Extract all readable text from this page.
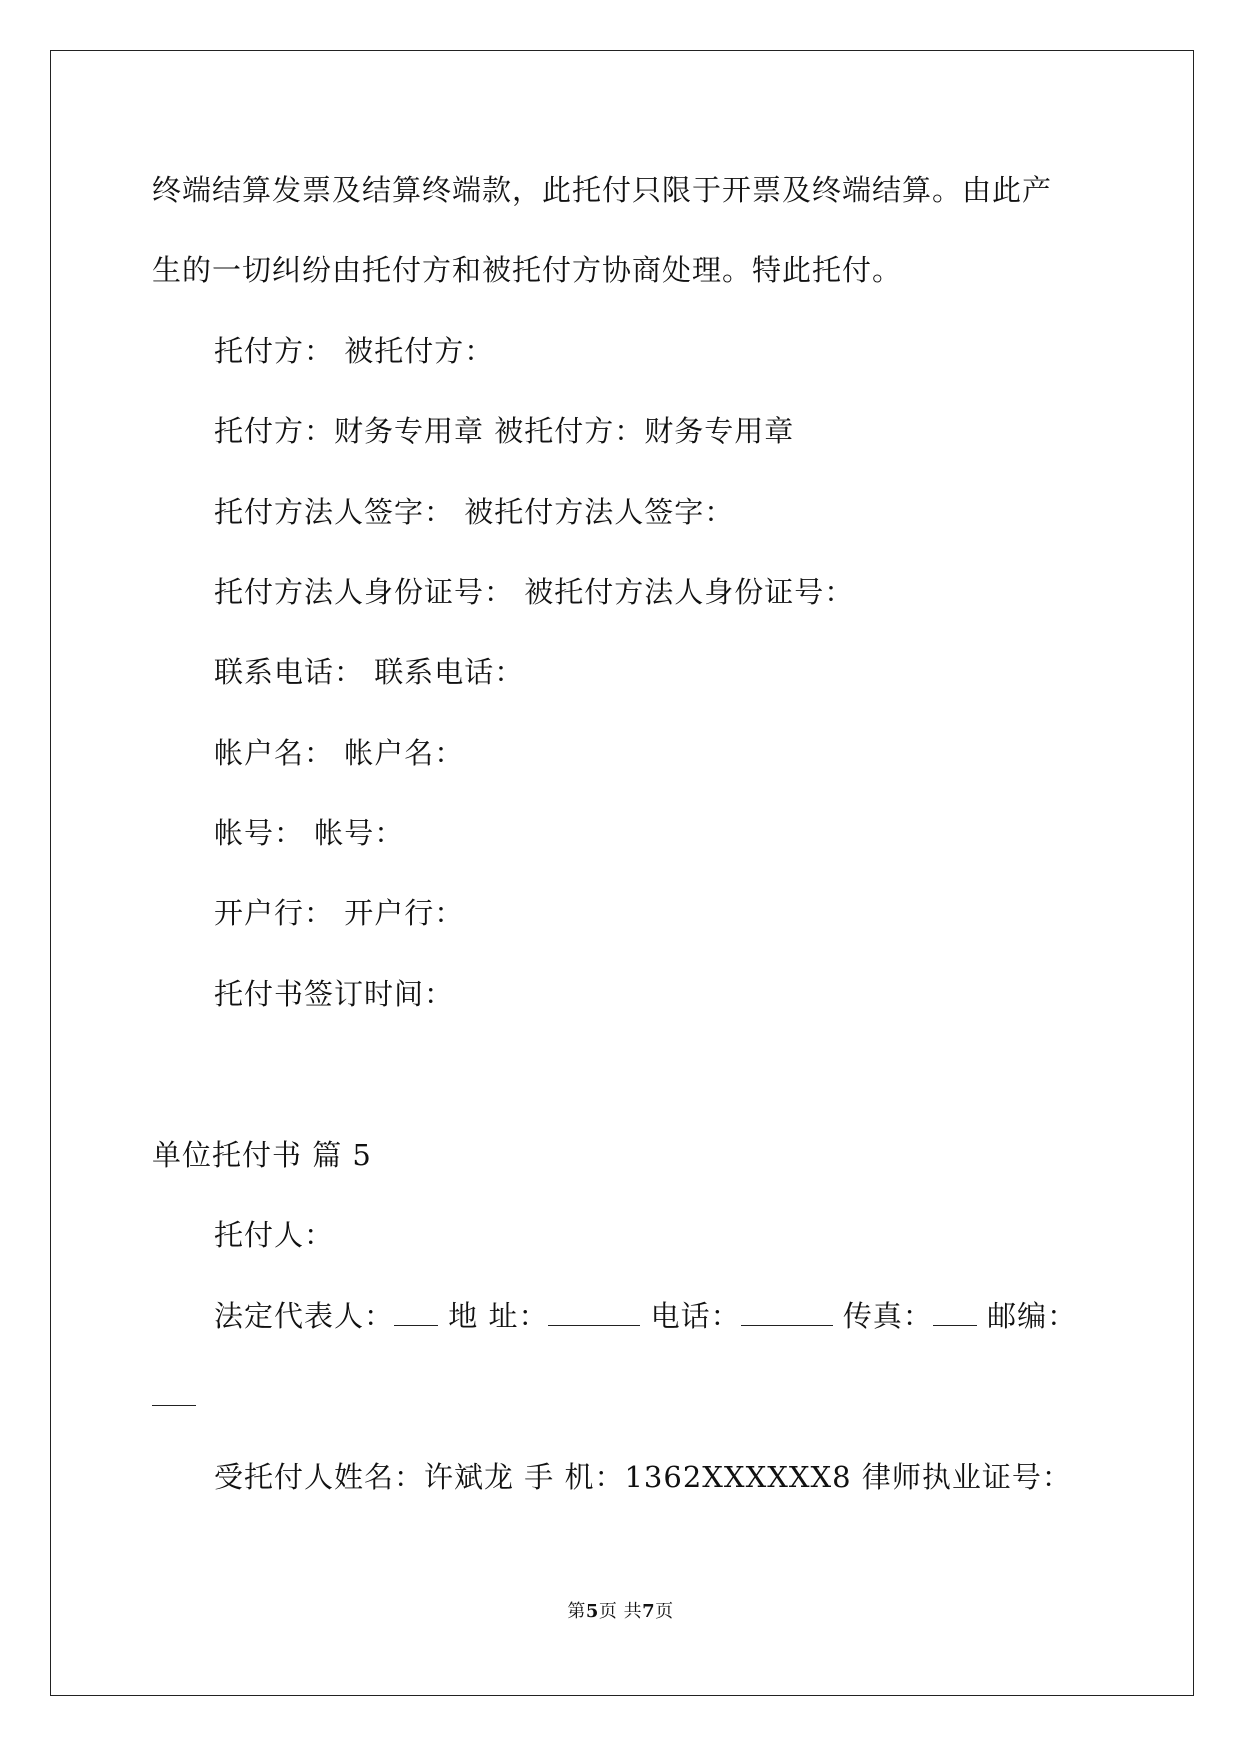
终端结算发票及结算终端款，此托付只限于开票及终端结算。由此产
生的一切纠纷由托付方和被托付方协商处理。特此托付。
托付方： 被托付方：
托付方：财务专用章 被托付方：财务专用章
托付方法人签字： 被托付方法人签字：
托付方法人身份证号： 被托付方法人身份证号：
联系电话： 联系电话：
帐户名： 帐户名：
帐号： 帐号：
开户行： 开户行：
托付书签订时间：
单位托付书 篇 5
托付人：
法定代表人： 地 址：	电话：	传真： 邮编：
受托付人姓名：许斌龙 手 机：1362XXXXXX8 律师执业证号：
第5页 共7页
